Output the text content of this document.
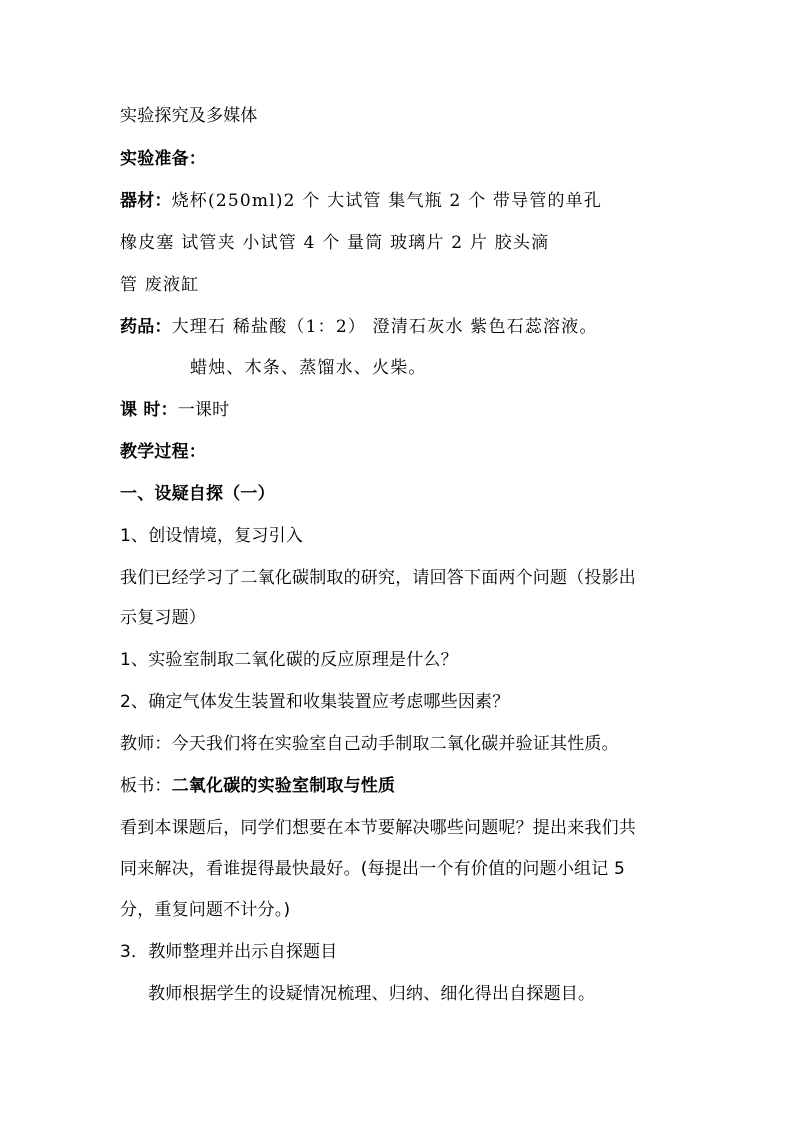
实验探究及多媒体
实验准备：
器材：烧杯(250ml)2 个 大试管 集气瓶 2 个 带导管的单孔
橡皮塞 试管夹 小试管 4 个 量筒 玻璃片 2 片 胶头滴
管 废液缸
药品：大理石 稀盐酸（1：2） 澄清石灰水 紫色石蕊溶液。
蜡烛、木条、蒸馏水、火柴。
课 时：一课时
教学过程：
一、设疑自探（一）
1、创设情境，复习引入
我们已经学习了二氧化碳制取的研究，请回答下面两个问题（投影出
示复习题）
1、实验室制取二氧化碳的反应原理是什么？
2、确定气体发生装置和收集装置应考虑哪些因素？
教师：今天我们将在实验室自己动手制取二氧化碳并验证其性质。
板书：二氧化碳的实验室制取与性质
看到本课题后，同学们想要在本节要解决哪些问题呢？提出来我们共
同来解决，看谁提得最快最好。(每提出一个有价值的问题小组记 5
分，重复问题不计分。)
3．教师整理并出示自探题目
教师根据学生的设疑情况梳理、归纳、细化得出自探题目。
